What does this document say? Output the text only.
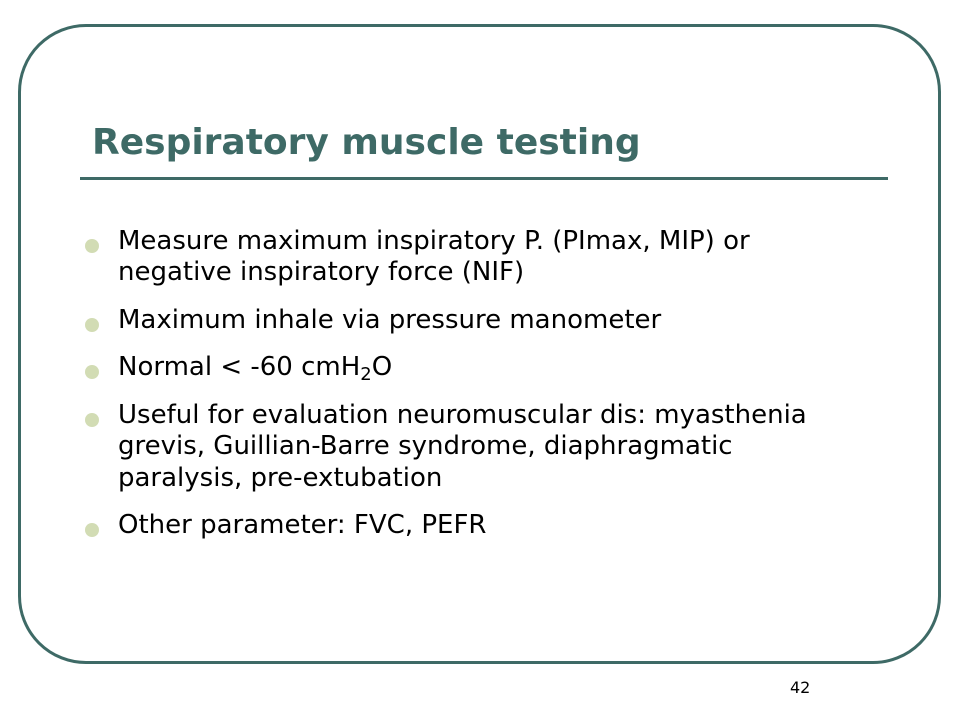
Respiratory muscle testing
Measure maximum inspiratory P. (PImax, MIP) or negative inspiratory force (NIF)
Maximum inhale via pressure manometer
Normal < -60 cmH$_2$O
Useful for evaluation neuromuscular dis: myasthenia grevis, Guillian-Barre syndrome, diaphragmatic paralysis, pre-extubation
Other parameter: FVC, PEFR
42
